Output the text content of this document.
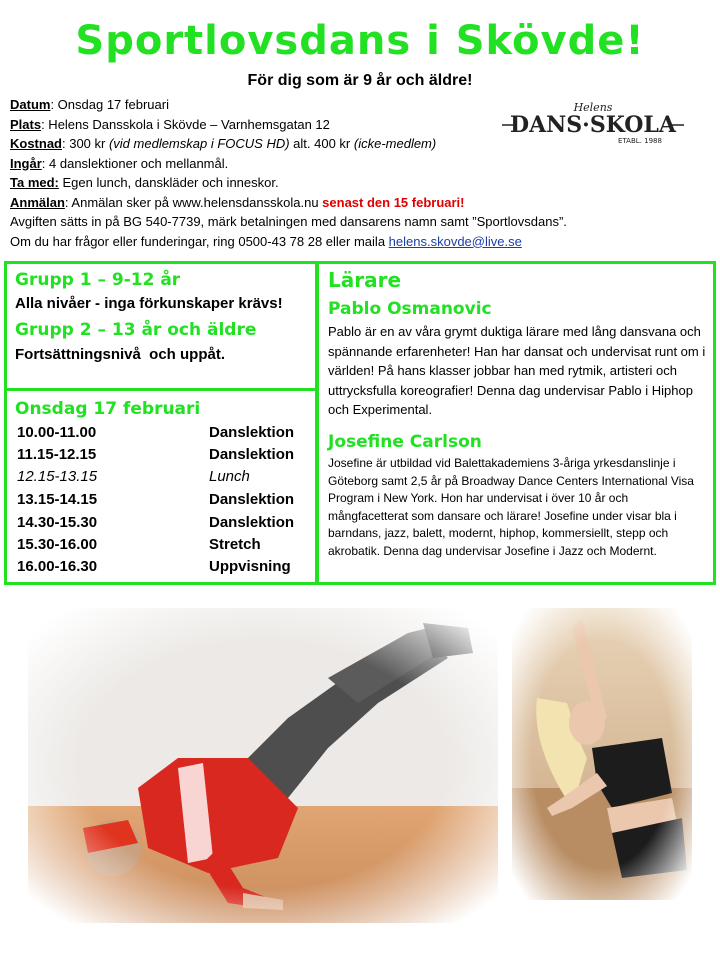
Sportlovsdans i Skövde!
För dig som är 9 år och äldre!
Datum: Onsdag 17 februari
Plats: Helens Dansskola i Skövde – Varnhemsgatan 12
Kostnad: 300 kr (vid medlemskap i FOCUS HD) alt. 400 kr (icke-medlem)
Ingår: 4 danslektioner och mellanmål.
Ta med: Egen lunch, danskläder och inneskor.
Anmälan: Anmälan sker på www.helensdansskola.nu senast den 15 februari!
Avgiften sätts in på BG 540-7739, märk betalningen med dansarens namn samt ”Sportlovsdans”.
Om du har frågor eller funderingar, ring 0500-43 78 28 eller maila helens.skovde@live.se
Helens
DANS·SKOLA
ETABL. 1988
Grupp 1 – 9-12 år
Alla nivåer - inga förkunskaper krävs!
Grupp 2 – 13 år och äldre
Fortsättningsnivå  och uppåt.
Onsdag 17 februari
10.00-11.00	Danslektion
11.15-12.15	Danslektion
12.15-13.15	Lunch
13.15-14.15	Danslektion
14.30-15.30	Danslektion
15.30-16.00	Stretch
16.00-16.30	Uppvisning
Lärare
Pablo Osmanovic
Pablo är en av våra grymt duktiga lärare med lång dansvana och spännande erfarenheter! Han har dansat och undervisat runt om i världen! På hans klasser jobbar han med rytmik, artisteri och uttrycksfulla koreografier! Denna dag undervisar Pablo i Hiphop och Experimental.
Josefine Carlson
Josefine är utbildad vid Balettakademiens 3-åriga yrkesdanslinje i Göteborg samt 2,5 år på Broadway Dance Centers International Visa Program i New York. Hon har undervisat i över 10 år och mångfacetterat som dansare och lärare! Josefine under visar bla i barndans, jazz, balett, modernt, hiphop, kommersiellt, stepp och akrobatik. Denna dag undervisar Josefine i Jazz och Modernt.
